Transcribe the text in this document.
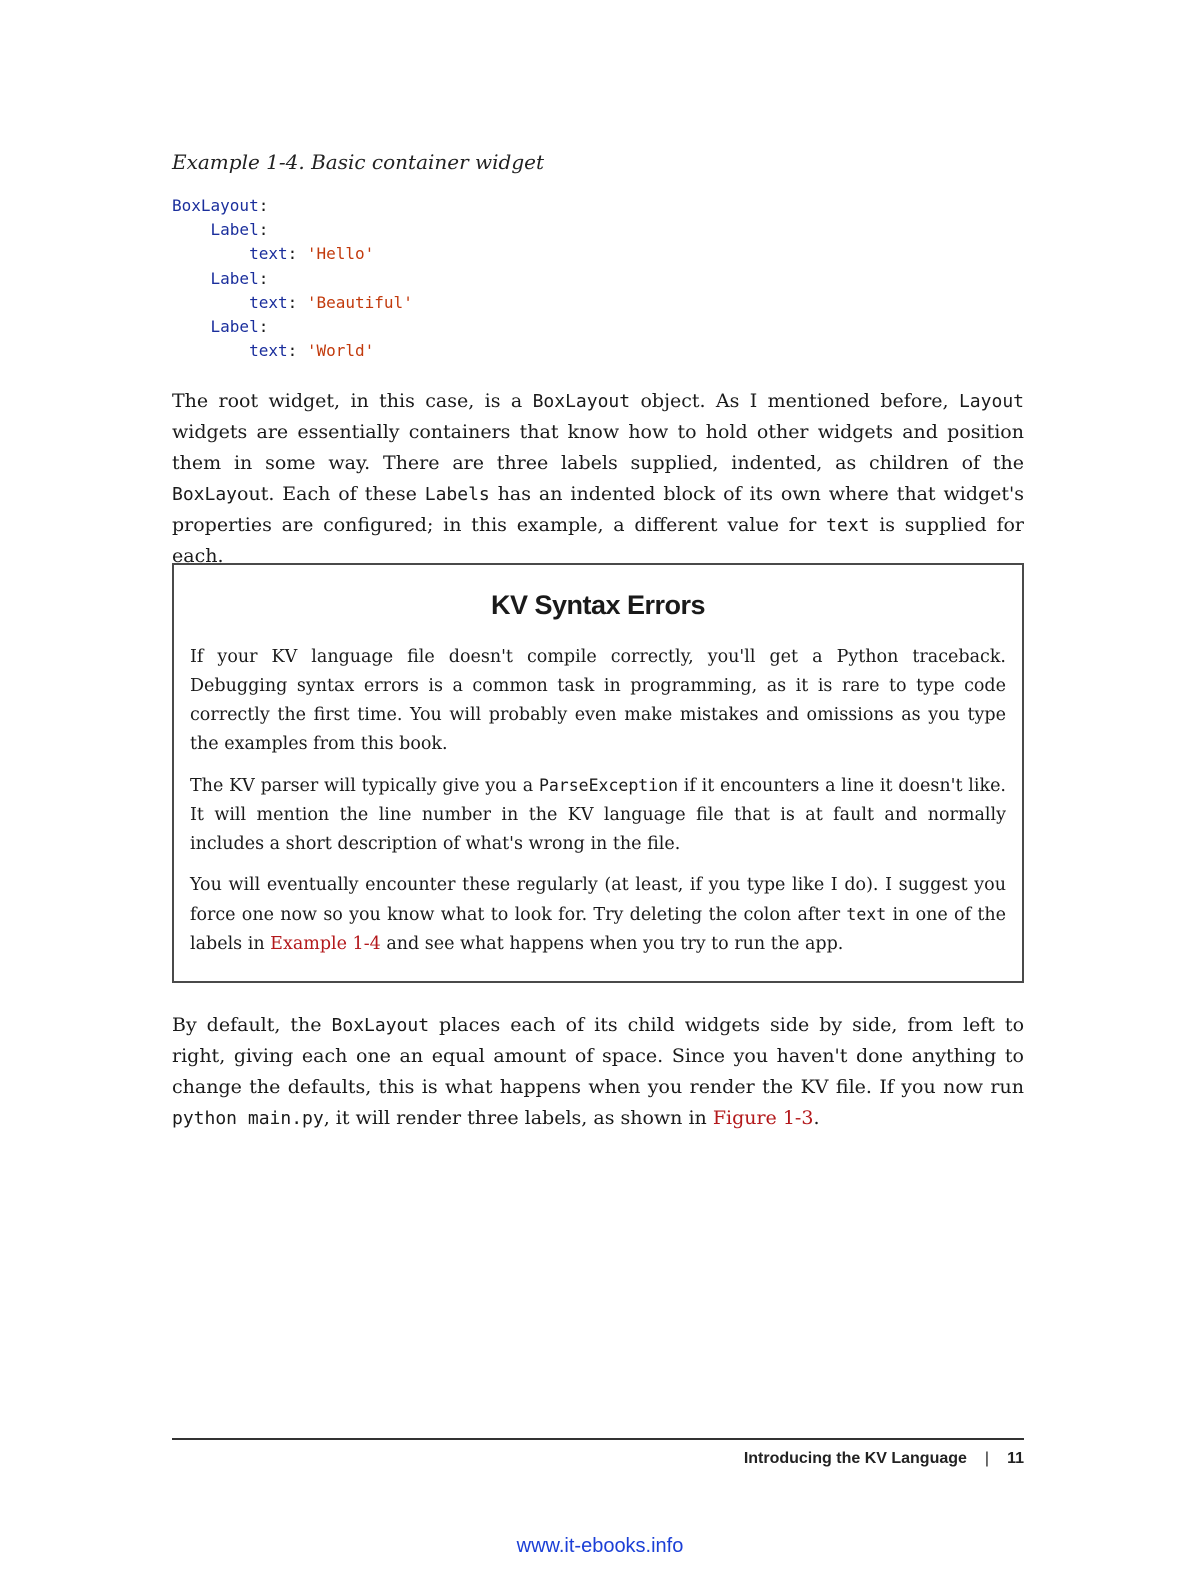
Example 1-4. Basic container widget
BoxLayout:
Label:
text: 'Hello'
Label:
text: 'Beautiful'
Label:
text: 'World'

The root widget, in this case, is a BoxLayout object. As I mentioned before, Layout widgets are essentially containers that know how to hold other widgets and position them in some way. There are three labels supplied, indented, as children of the BoxLayout. Each of these Labels has an indented block of its own where that widget's properties are configured; in this example, a different value for text is supplied for each.

KV Syntax Errors

If your KV language file doesn't compile correctly, you'll get a Python traceback. Debugging syntax errors is a common task in programming, as it is rare to type code correctly the first time. You will probably even make mistakes and omissions as you type the examples from this book.

The KV parser will typically give you a ParseException if it encounters a line it doesn't like. It will mention the line number in the KV language file that is at fault and normally includes a short description of what's wrong in the file.

You will eventually encounter these regularly (at least, if you type like I do). I suggest you force one now so you know what to look for. Try deleting the colon after text in one of the labels in Example 1-4 and see what happens when you try to run the app.

By default, the BoxLayout places each of its child widgets side by side, from left to right, giving each one an equal amount of space. Since you haven't done anything to change the defaults, this is what happens when you render the KV file. If you now run python main.py, it will render three labels, as shown in Figure 1-3.

Introducing the KV Language | 11
www.it-ebooks.info
